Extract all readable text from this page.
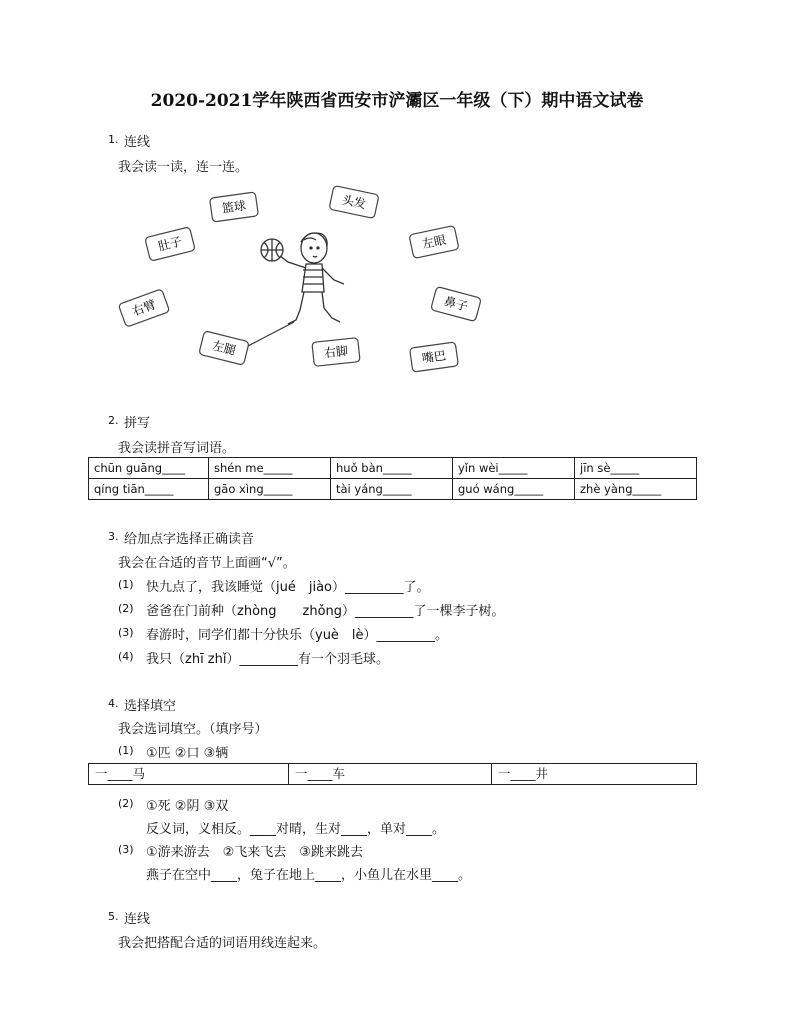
2020-2021学年陕西省西安市浐灞区一年级（下）期中语文试卷
1. 连线
我会读一读，连一连。
篮球	头发
肚子	左眼
右臂	鼻子
左腿	右脚	嘴巴
2. 拼写
我会读拼音写词语。
chūn guāng____	shén me_____	huǒ bàn_____	yǐn wèi_____	jīn sè_____
qíng tiān_____	gāo xìng_____	tài yáng_____	guó wáng_____	zhè yàng_____
3. 给加点字选择正确读音
我会在合适的音节上面画“√”。
(1) 快九点了，我该睡觉（jué　jiào）_________了。
(2) 爸爸在门前种（zhòng　　zhǒng）_________了一棵李子树。
(3) 春游时，同学们都十分快乐（yuè　lè）_________。
(4) 我只（zhī zhǐ）_________有一个羽毛球。
4. 选择填空
我会选词填空。（填序号）
(1) ①匹 ②口 ③辆
一____马	一____车	一____井
(2) ①死 ②阴 ③双
反义词，义相反。____对晴，生对____，单对____。
(3) ①游来游去　②飞来飞去　③跳来跳去
燕子在空中____，兔子在地上____，小鱼儿在水里____。
5. 连线
我会把搭配合适的词语用线连起来。
